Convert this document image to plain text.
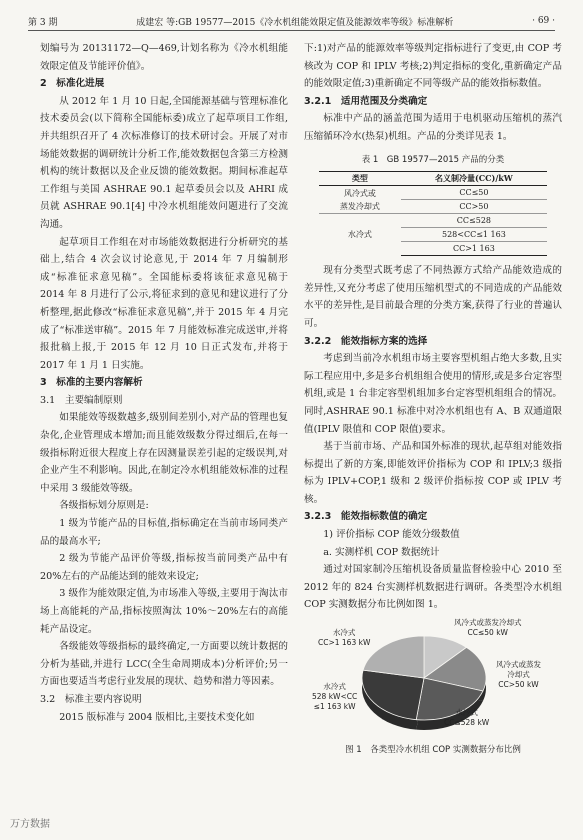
第 3 期	成建宏 等:GB 19577—2015《冷水机组能效限定值及能源效率等级》标准解析	· 69 ·

划编号为 20131172—Q—469,计划名称为《冷水机组能效限定值及节能评价值》。

2　标准化进展

从 2012 年 1 月 10 日起,全国能源基础与管理标准化技术委员会(以下简称全国能标委)成立了起草项目工作组,并共组织召开了 4 次标准修订的技术研讨会。开展了对市场能效数据的调研统计分析工作,能效数据包含第三方检测机构的统计数据以及企业反馈的能效数据。期间标准起草工作组与美国 ASHRAE 90.1 起草委员会以及 AHRI 成员就 ASHRAE 90.1[4] 中冷水机组能效问题进行了交流沟通。

起草项目工作组在对市场能效数据进行分析研究的基础上,结合 4 次会议讨论意见,于 2014 年 7 月编制形成“标准征求意见稿”。全国能标委将该征求意见稿于 2014 年 8 月进行了公示,将征求到的意见和建议进行了分析整理,据此修改“标准征求意见稿”,并于 2015 年 4 月完成了“标准送审稿”。2015 年 7 月能效标准完成送审,并将报批稿上报,于 2015 年 12 月 10 日正式发布,并将于 2017 年 1 月 1 日实施。

3　标准的主要内容解析

3.1　主要编制原则

如果能效等级数越多,级别间差别小,对产品的管理也复杂化,企业管理成本增加;而且能效级数分得过细后,在每一级指标附近很大程度上存在因测量误差引起的定级误判,对企业产生不利影响。因此,在制定冷水机组能效标准的过程中采用 3 级能效等级。

各级指标划分原则是:

1 级为节能产品的目标值,指标确定在当前市场同类产品的最高水平;

2 级为节能产品评价等级,指标按当前同类产品中有 20%左右的产品能达到的能效来设定;

3 级作为能效限定值,为市场准入等级,主要用于淘汰市场上高能耗的产品,指标按照淘汰 10%～20%左右的高能耗产品设定。

各级能效等级指标的最终确定,一方面要以统计数据的分析为基础,并进行 LCC(全生命周期成本)分析评价;另一方面也要适当考虑行业发展的现状、趋势和潜力等因素。

3.2　标准主要内容说明

2015 版标准与 2004 版相比,主要技术变化如

下:1)对产品的能源效率等级判定指标进行了变更,由 COP 考核改为 COP 和 IPLV 考核;2)判定指标的变化,重新确定产品的能效限定值;3)重新确定不同等级产品的能效指标数值。

3.2.1　适用范围及分类确定

标准中产品的涵盖范围为适用于电机驱动压缩机的蒸汽压缩循环冷水(热泵)机组。产品的分类详见表 1。

表 1　GB 19577—2015 产品的分类
类型	名义制冷量(CC)/kW
风冷式或
蒸发冷却式	CC≤50
	CC>50
水冷式	CC≤528
	528<CC≤1 163
	CC>1 163

现有分类型式既考虑了不同热源方式给产品能效造成的差异性,又充分考虑了使用压缩机型式的不同造成的产品能效水平的差异性,是目前最合理的分类方案,获得了行业的普遍认可。

3.2.2　能效指标方案的选择

考虑到当前冷水机组市场主要容型机组占绝大多数,且实际工程应用中,多是多台机组组合使用的情形,或是多台定容型机组,或是 1 台非定容型机组加多台定容型机组组合的情况。同时,ASHRAE 90.1 标准中对冷水机组也有 A、B 双通道限值(IPLV 限值和 COP 限值)要求。

基于当前市场、产品和国外标准的现状,起草组对能效指标提出了新的方案,即能效评价指标为 COP 和 IPLV;3 级指标为 IPLV+COP,1 级和 2 级评价指标按 COP 或 IPLV 考核。

3.2.3　能效指标数值的确定

1) 评价指标 COP 能效分级数值

a. 实测样机 COP 数据统计

通过对国家制冷压缩机设备质量监督检验中心 2010 至 2012 年的 824 台实测样机数据进行调研。各类型冷水机组 COP 实测数据分布比例如图 1。

风冷式或蒸发冷却式
CC≤50 kW
风冷式或蒸发
冷却式
CC>50 kW
水冷式
CC≤528 kW
水冷式
528 kW<CC
≤1 163 kW
水冷式
CC>1 163 kW
图 1　各类型冷水机组 COP 实测数据分布比例
万方数据
